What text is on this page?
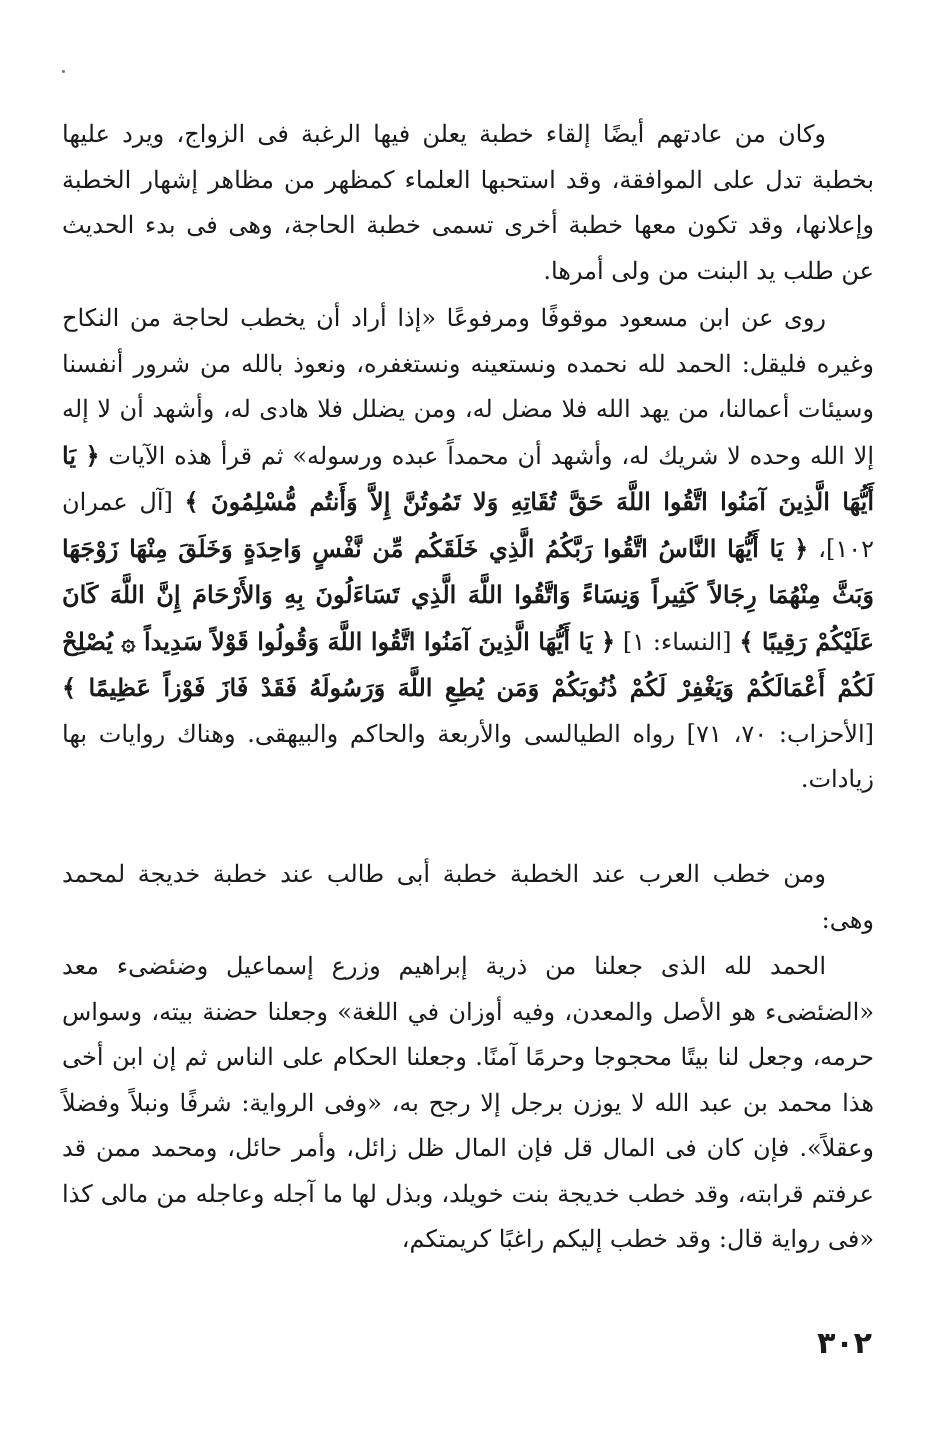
وكان من عادتهم أيضًا إلقاء خطبة يعلن فيها الرغبة فى الزواج، ويرد عليها بخطبة تدل على الموافقة، وقد استحبها العلماء كمظهر من مظاهر إشهار الخطبة وإعلانها، وقد تكون معها خطبة أخرى تسمى خطبة الحاجة، وهى فى بدء الحديث عن طلب يد البنت من ولى أمرها.

روى عن ابن مسعود موقوفًا ومرفوعًا «إذا أراد أن يخطب لحاجة من النكاح وغيره فليقل: الحمد لله نحمده ونستعينه ونستغفره، ونعوذ بالله من شرور أنفسنا وسيئات أعمالنا، من يهد الله فلا مضل له، ومن يضلل فلا هادى له، وأشهد أن لا إله إلا الله وحده لا شريك له، وأشهد أن محمداً عبده ورسوله» ثم قرأ هذه الآيات ﴿ يَا أَيُّهَا الَّذِينَ آمَنُوا اتَّقُوا اللَّهَ حَقَّ تُقَاتِهِ وَلا تَمُوتُنَّ إِلاَّ وَأَنتُم مُّسْلِمُونَ ﴾ [آل عمران ١٠٢]، ﴿ يَا أَيُّهَا النَّاسُ اتَّقُوا رَبَّكُمُ الَّذِي خَلَقَكُم مِّن نَّفْسٍ وَاحِدَةٍ وَخَلَقَ مِنْهَا زَوْجَهَا وَبَثَّ مِنْهُمَا رِجَالاً كَثِيراً وَنِسَاءً وَاتَّقُوا اللَّهَ الَّذِي تَسَاءَلُونَ بِهِ وَالأَرْحَامَ إِنَّ اللَّهَ كَانَ عَلَيْكُمْ رَقِيبًا ﴾ [النساء: ١] ﴿ يَا أَيُّهَا الَّذِينَ آمَنُوا اتَّقُوا اللَّهَ وَقُولُوا قَوْلاً سَدِيداً ۞ يُصْلِحْ لَكُمْ أَعْمَالَكُمْ وَيَغْفِرْ لَكُمْ ذُنُوبَكُمْ وَمَن يُطِعِ اللَّهَ وَرَسُولَهُ فَقَدْ فَازَ فَوْزاً عَظِيمًا ﴾ [الأحزاب: ٧٠، ٧١] رواه الطيالسى والأربعة والحاكم والبيهقى. وهناك روايات بها زيادات.

ومن خطب العرب عند الخطبة خطبة أبى طالب عند خطبة خديجة لمحمد وهى:

الحمد لله الذى جعلنا من ذرية إبراهيم وزرع إسماعيل وضئضىء معد «الضئضىء هو الأصل والمعدن، وفيه أوزان في اللغة» وجعلنا حضنة بيته، وسواس حرمه، وجعل لنا بيتًا محجوجا وحرمًا آمنًا. وجعلنا الحكام على الناس ثم إن ابن أخى هذا محمد بن عبد الله لا يوزن برجل إلا رجح به، «وفى الرواية: شرفًا ونبلاً وفضلاً وعقلاً». فإن كان فى المال قل فإن المال ظل زائل، وأمر حائل، ومحمد ممن قد عرفتم قرابته، وقد خطب خديجة بنت خويلد، وبذل لها ما آجله وعاجله من مالى كذا «فى رواية قال: وقد خطب إليكم راغبًا كريمتكم،

٣٠٢
